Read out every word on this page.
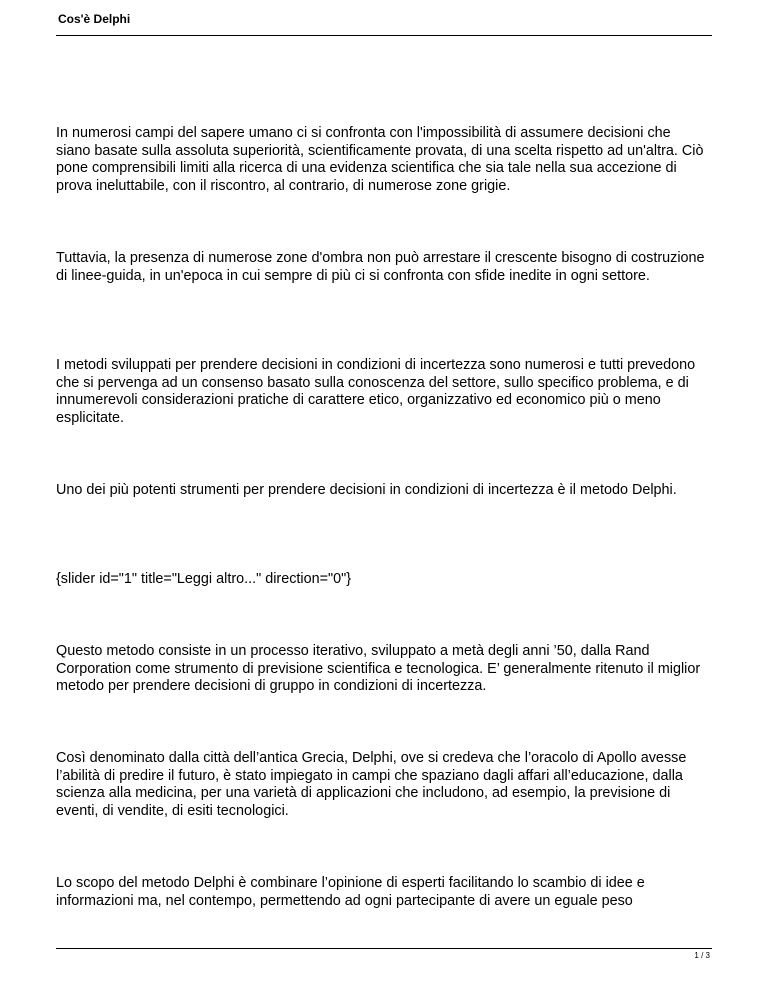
Cos'è Delphi

In numerosi campi del sapere umano ci si confronta con l'impossibilità di assumere decisioni che siano basate sulla assoluta superiorità, scientificamente provata, di una scelta rispetto ad un'altra. Ciò pone comprensibili limiti alla ricerca di una evidenza scientifica che sia tale nella sua accezione di prova ineluttabile, con il riscontro, al contrario, di numerose zone grigie.

Tuttavia, la presenza di numerose zone d'ombra non può arrestare il crescente bisogno di costruzione di linee-guida, in un'epoca in cui sempre di più ci si confronta con sfide inedite in ogni settore.

I metodi sviluppati per prendere decisioni in condizioni di incertezza sono numerosi e tutti prevedono che si pervenga ad un consenso basato sulla conoscenza del settore, sullo specifico problema, e di innumerevoli considerazioni pratiche di carattere etico, organizzativo ed economico più o meno esplicitate.

Uno dei più potenti strumenti per prendere decisioni in condizioni di incertezza è il metodo Delphi.

{slider id="1" title="Leggi altro..." direction="0"}

Questo metodo consiste in un processo iterativo, sviluppato a metà degli anni ’50, dalla Rand Corporation come strumento di previsione scientifica e tecnologica. E’ generalmente ritenuto il miglior metodo per prendere decisioni di gruppo in condizioni di incertezza.

Così denominato dalla città dell’antica Grecia, Delphi, ove si credeva che l’oracolo di Apollo avesse l’abilità di predire il futuro, è stato impiegato in campi che spaziano dagli affari all’educazione, dalla scienza alla medicina, per una varietà di applicazioni che includono, ad esempio, la previsione di eventi, di vendite, di esiti tecnologici.

Lo scopo del metodo Delphi è combinare l’opinione di esperti facilitando lo scambio di idee e informazioni ma, nel contempo, permettendo ad ogni partecipante di avere un eguale peso

1 / 3
